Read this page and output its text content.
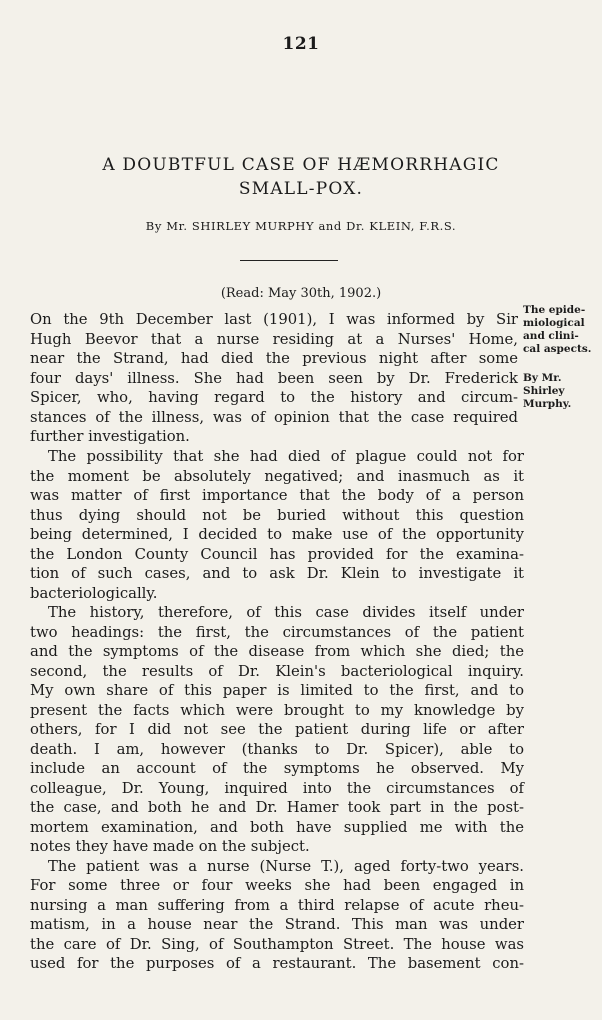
121
A DOUBTFUL CASE OF HÆMORRHAGIC
SMALL-POX.
By Mr. SHIRLEY MURPHY and Dr. KLEIN, F.R.S.
(Read: May 30th, 1902.)
The epide-
miological
and clini-
cal aspects.
By Mr.
Shirley
Murphy.
On the 9th December last (1901), I was informed by Sir
Hugh Beevor that a nurse residing at a Nurses' Home,
near the Strand, had died the previous night after some
four days' illness. She had been seen by Dr. Frederick
Spicer, who, having regard to the history and circum-
stances of the illness, was of opinion that the case required
further investigation.
The possibility that she had died of plague could not for
the moment be absolutely negatived; and inasmuch as it
was matter of first importance that the body of a person
thus dying should not be buried without this question
being determined, I decided to make use of the opportunity
the London County Council has provided for the examina-
tion of such cases, and to ask Dr. Klein to investigate it
bacteriologically.
The history, therefore, of this case divides itself under
two headings: the first, the circumstances of the patient
and the symptoms of the disease from which she died; the
second, the results of Dr. Klein's bacteriological inquiry.
My own share of this paper is limited to the first, and to
present the facts which were brought to my knowledge by
others, for I did not see the patient during life or after
death. I am, however (thanks to Dr. Spicer), able to
include an account of the symptoms he observed. My
colleague, Dr. Young, inquired into the circumstances of
the case, and both he and Dr. Hamer took part in the post-
mortem examination, and both have supplied me with the
notes they have made on the subject.
The patient was a nurse (Nurse T.), aged forty-two years.
For some three or four weeks she had been engaged in
nursing a man suffering from a third relapse of acute rheu-
matism, in a house near the Strand. This man was under
the care of Dr. Sing, of Southampton Street. The house was
used for the purposes of a restaurant. The basement con-
